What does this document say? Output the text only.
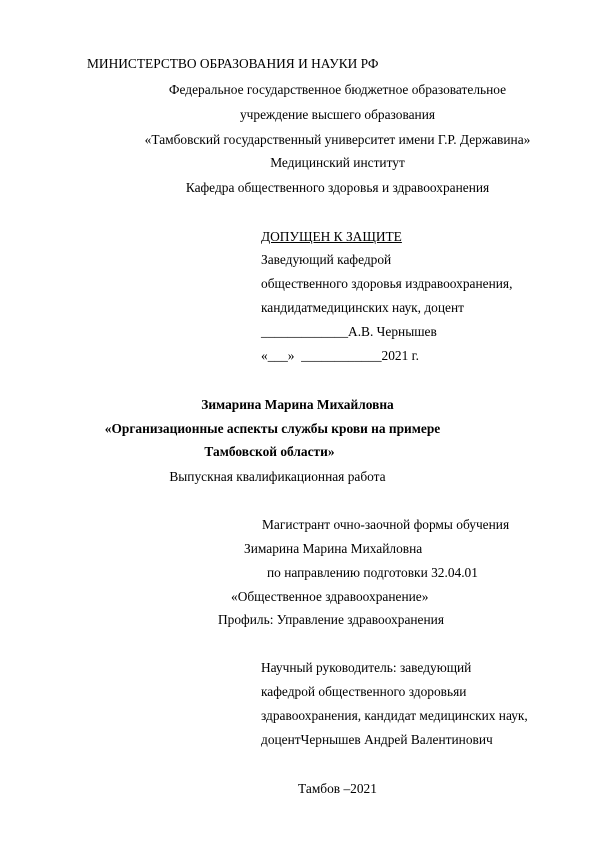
МИНИСТЕРСТВО ОБРАЗОВАНИЯ И НАУКИ РФ
Федеральное государственное бюджетное образовательное
учреждение высшего образования
«Тамбовский государственный университет имени Г.Р. Державина»
Медицинский институт
Кафедра общественного здоровья и здравоохранения
ДОПУЩЕН К ЗАЩИТЕ
Заведующий кафедрой
общественного здоровья издравоохранения,
кандидатмедицинских наук, доцент
_____________А.В. Чернышев
«___»  ____________2021 г.
Зимарина Марина Михайловна
«Организационные аспекты службы крови на примере
Тамбовской области»
Выпускная квалификационная работа
Магистрант очно-заочной формы обучения
Зимарина Марина Михайловна
по направлению подготовки 32.04.01
«Общественное здравоохранение»
Профиль: Управление здравоохранения
Научный руководитель: заведующий
кафедрой общественного здоровьяи
здравоохранения, кандидат медицинских наук,
доцентЧернышев Андрей Валентинович
Тамбов –2021
